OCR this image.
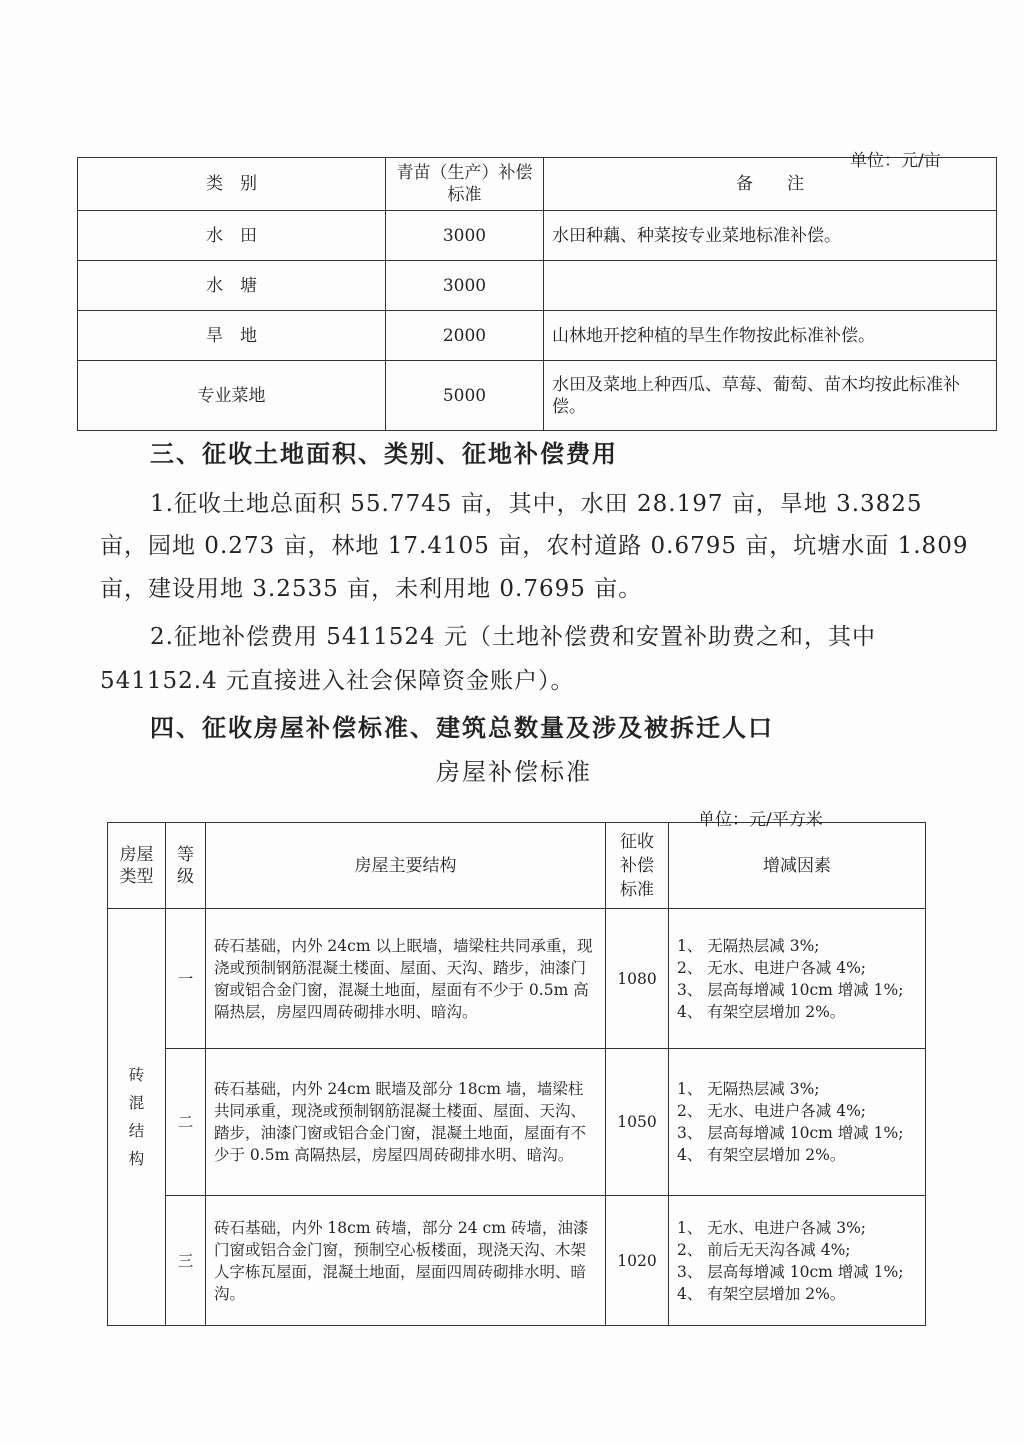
单位：元/亩
类　别	青苗（生产）补偿标准	备　　注
水　田	3000	水田种藕、种菜按专业菜地标准补偿。
水　塘	3000	
旱　地	2000	山林地开挖种植的旱生作物按此标准补偿。
专业菜地	5000	水田及菜地上种西瓜、草莓、葡萄、苗木均按此标准补偿。
三、征收土地面积、类别、征地补偿费用
1.征收土地总面积 55.7745 亩，其中，水田 28.197 亩，旱地 3.3825
亩，园地 0.273 亩，林地 17.4105 亩，农村道路 0.6795 亩，坑塘水面 1.809
亩，建设用地 3.2535 亩，未利用地 0.7695 亩。
2.征地补偿费用 5411524 元（土地补偿费和安置补助费之和，其中
541152.4 元直接进入社会保障资金账户）。
四、征收房屋补偿标准、建筑总数量及涉及被拆迁人口
房屋补偿标准
单位：元/平方米
房屋类型	等级	房屋主要结构	征收补偿标准	增减因素
砖混结构	一	砖石基础，内外 24cm 以上眠墙，墙梁柱共同承重，现浇或预制钢筋混凝土楼面、屋面、天沟、踏步，油漆门窗或铝合金门窗，混凝土地面，屋面有不少于 0.5m 高隔热层，房屋四周砖砌排水明、暗沟。	1080	1、 无隔热层减 3%;
2、 无水、电进户各减 4%;
3、 层高每增减 10cm 增减 1%;
4、 有架空层增加 2%。

	二	砖石基础，内外 24cm 眠墙及部分 18cm 墙，墙梁柱共同承重，现浇或预制钢筋混凝土楼面、屋面、天沟、踏步，油漆门窗或铝合金门窗，混凝土地面，屋面有不少于 0.5m 高隔热层，房屋四周砖砌排水明、暗沟。	1050	1、 无隔热层减 3%;
2、 无水、电进户各减 4%;
3、 层高每增减 10cm 增减 1%;
4、 有架空层增加 2%。

	三	砖石基础，内外 18cm 砖墙，部分 24 cm 砖墙，油漆门窗或铝合金门窗，预制空心板楼面，现浇天沟、木架人字栋瓦屋面，混凝土地面，屋面四周砖砌排水明、暗沟。	1020	1、 无水、电进户各减 3%;
2、 前后无天沟各减 4%;
3、 层高每增减 10cm 增减 1%;
4、 有架空层增加 2%。
